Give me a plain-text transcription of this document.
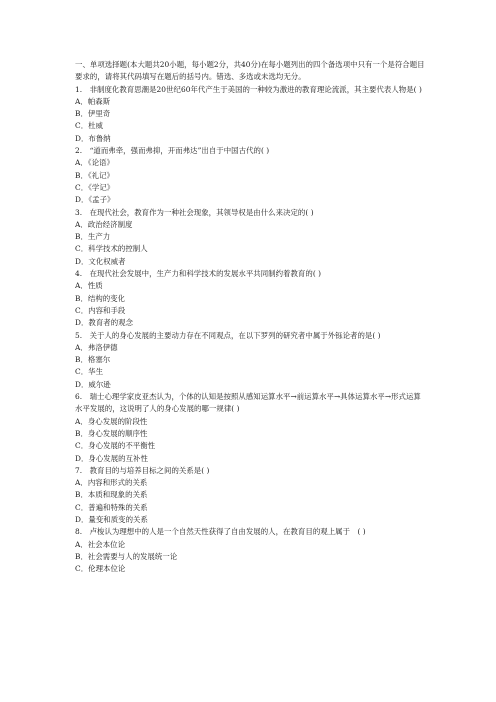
一、单项选择题(本大题共20小题，每小题2分，共40分)在每小题列出的四个备选项中只有一个是符合题目要求的，请将其代码填写在题后的括号内。错选、多选或未选均无分。
1.　非制度化教育思潮是20世纪60年代产生于美国的一种较为激进的教育理论流派，其主要代表人物是( )
A．帕森斯
B．伊里奇
C．杜威
D．布鲁纳
2.　“道而弗牵，强而弗抑，开而弗达”出自于中国古代的( )
A．《论语》
B．《礼记》
C．《学记》
D．《孟子》
3.　在现代社会，教育作为一种社会现象，其领导权是由什么来决定的( )
A．政治经济制度
B．生产力
C．科学技术的控制人
D．文化权威者
4.　在现代社会发展中，生产力和科学技术的发展水平共同制约着教育的( )
A．性质
B．结构的变化
C．内容和手段
D．教育者的观念
5.　关于人的身心发展的主要动力存在不同观点，在以下罗列的研究者中属于外铄论者的是( )
A．弗洛伊德
B．格塞尔
C．华生
D．威尔逊
6.　瑞士心理学家皮亚杰认为，个体的认知是按照从感知运算水平→前运算水平→具体运算水平→形式运算水平发展的，这说明了人的身心发展的哪一规律( )
A．身心发展的阶段性
B．身心发展的顺序性
C．身心发展的不平衡性
D．身心发展的互补性
7.　教育目的与培养目标之间的关系是( )
A．内容和形式的关系
B．本质和现象的关系
C．普遍和特殊的关系
D．量变和质变的关系
8.　卢梭认为理想中的人是一个自然天性获得了自由发展的人，在教育目的观上属于　( )
A．社会本位论
B．社会需要与人的发展统一论
C．伦理本位论
